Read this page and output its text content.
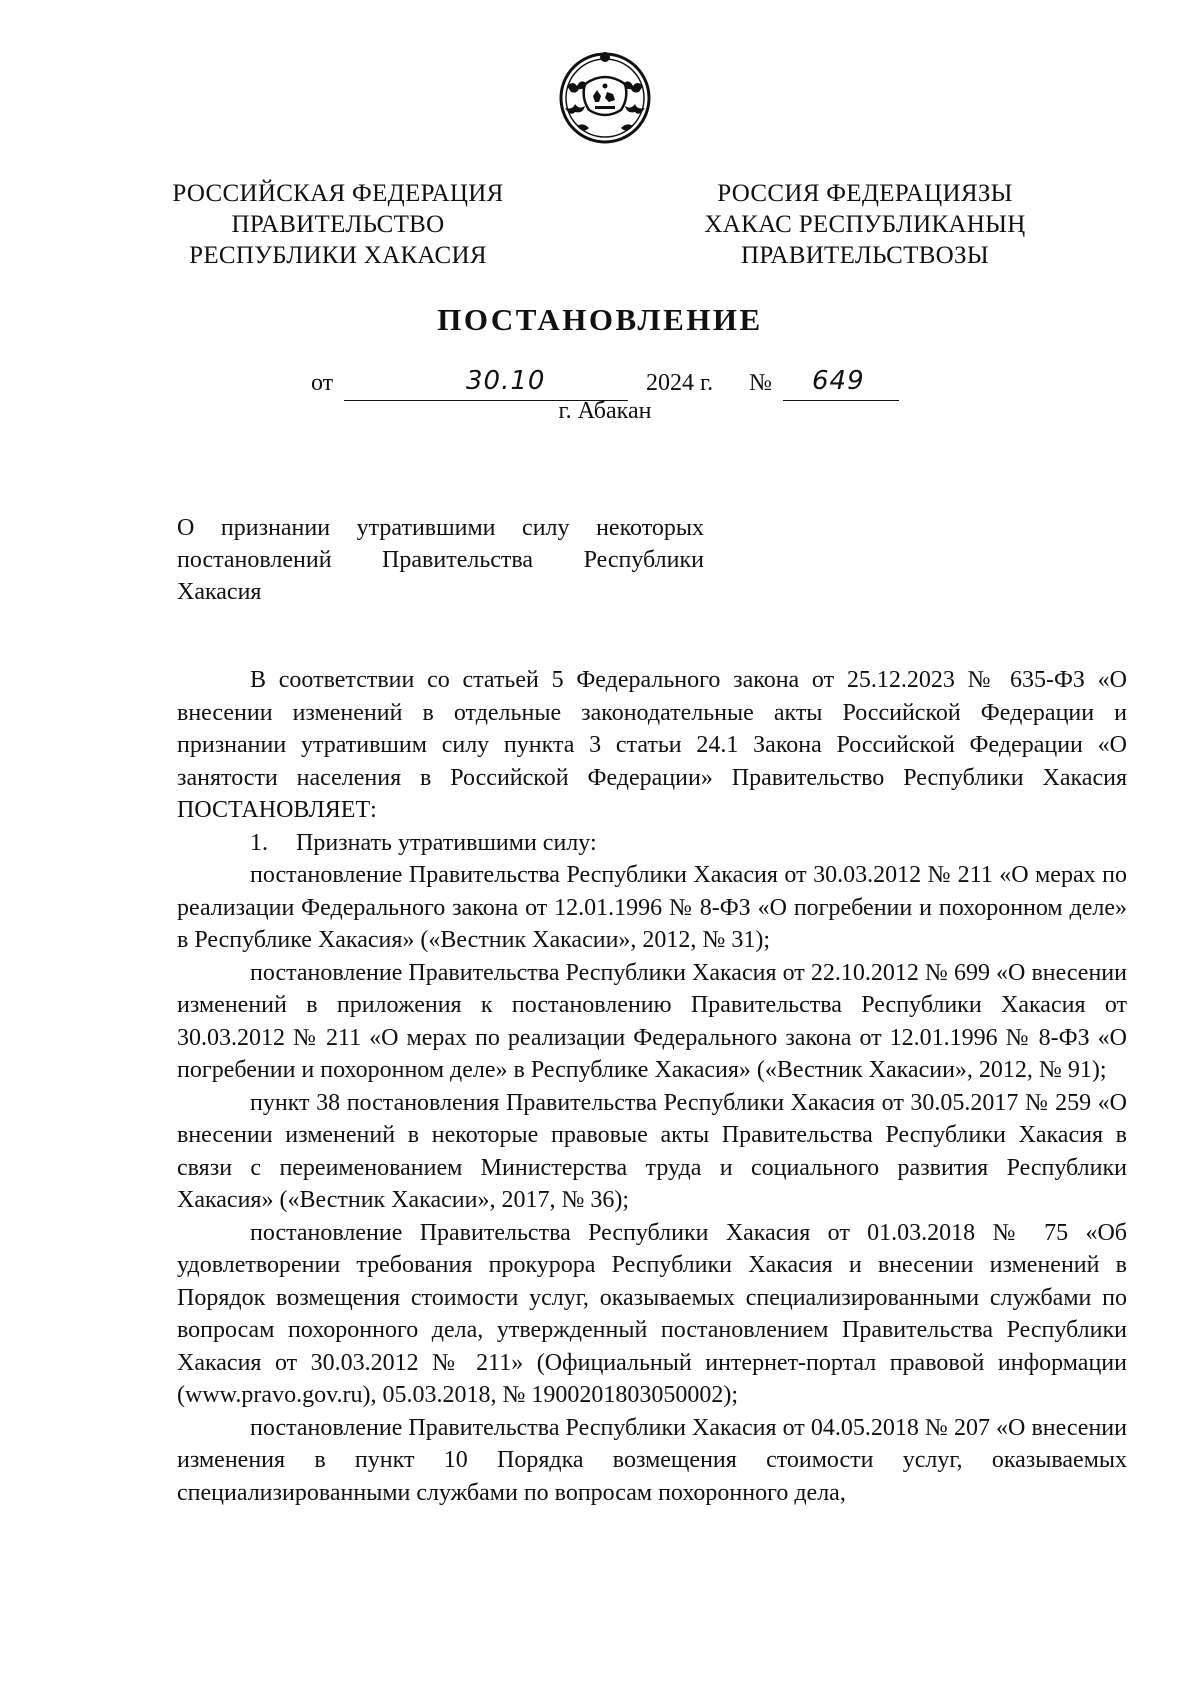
РОССИЙСКАЯ ФЕДЕРАЦИЯ
ПРАВИТЕЛЬСТВО
РЕСПУБЛИКИ ХАКАСИЯ
РОССИЯ ФЕДЕРАЦИЯЗЫ
ХАКАС РЕСПУБЛИКАНЫҢ
ПРАВИТЕЛЬСТВОЗЫ
ПОСТАНОВЛЕНИЕ
от	30.10	2024 г. № 649
г. Абакан
О признании утратившими силу некоторых
постановлений Правительства Республики
Хакасия

В соответствии со статьей 5 Федерального закона от 25.12.2023 № 635-ФЗ «О внесении изменений в отдельные законодательные акты Российской Федерации и признании утратившим силу пункта 3 статьи 24.1 Закона Российской Федерации «О занятости населения в Российской Федерации» Правительство Республики Хакасия ПОСТАНОВЛЯЕТ:

1. Признать утратившими силу:

постановление Правительства Республики Хакасия от 30.03.2012 № 211 «О мерах по реализации Федерального закона от 12.01.1996 № 8-ФЗ «О погребении и похоронном деле» в Республике Хакасия» («Вестник Хакасии», 2012, № 31);

постановление Правительства Республики Хакасия от 22.10.2012 № 699 «О внесении изменений в приложения к постановлению Правительства Республики Хакасия от 30.03.2012 № 211 «О мерах по реализации Федерального закона от 12.01.1996 № 8-ФЗ «О погребении и похоронном деле» в Республике Хакасия» («Вестник Хакасии», 2012, № 91);

пункт 38 постановления Правительства Республики Хакасия от 30.05.2017 № 259 «О внесении изменений в некоторые правовые акты Правительства Республики Хакасия в связи с переименованием Министерства труда и социального развития Республики Хакасия» («Вестник Хакасии», 2017, № 36);

постановление Правительства Республики Хакасия от 01.03.2018 № 75 «Об удовлетворении требования прокурора Республики Хакасия и внесении изменений в Порядок возмещения стоимости услуг, оказываемых специализированными службами по вопросам похоронного дела, утвержденный постановлением Правительства Республики Хакасия от 30.03.2012 № 211» (Официальный интернет-портал правовой информации (www.pravo.gov.ru), 05.03.2018, № 1900201803050002);

постановление Правительства Республики Хакасия от 04.05.2018 № 207 «О внесении изменения в пункт 10 Порядка возмещения стоимости услуг, оказываемых специализированными службами по вопросам похоронного дела,
